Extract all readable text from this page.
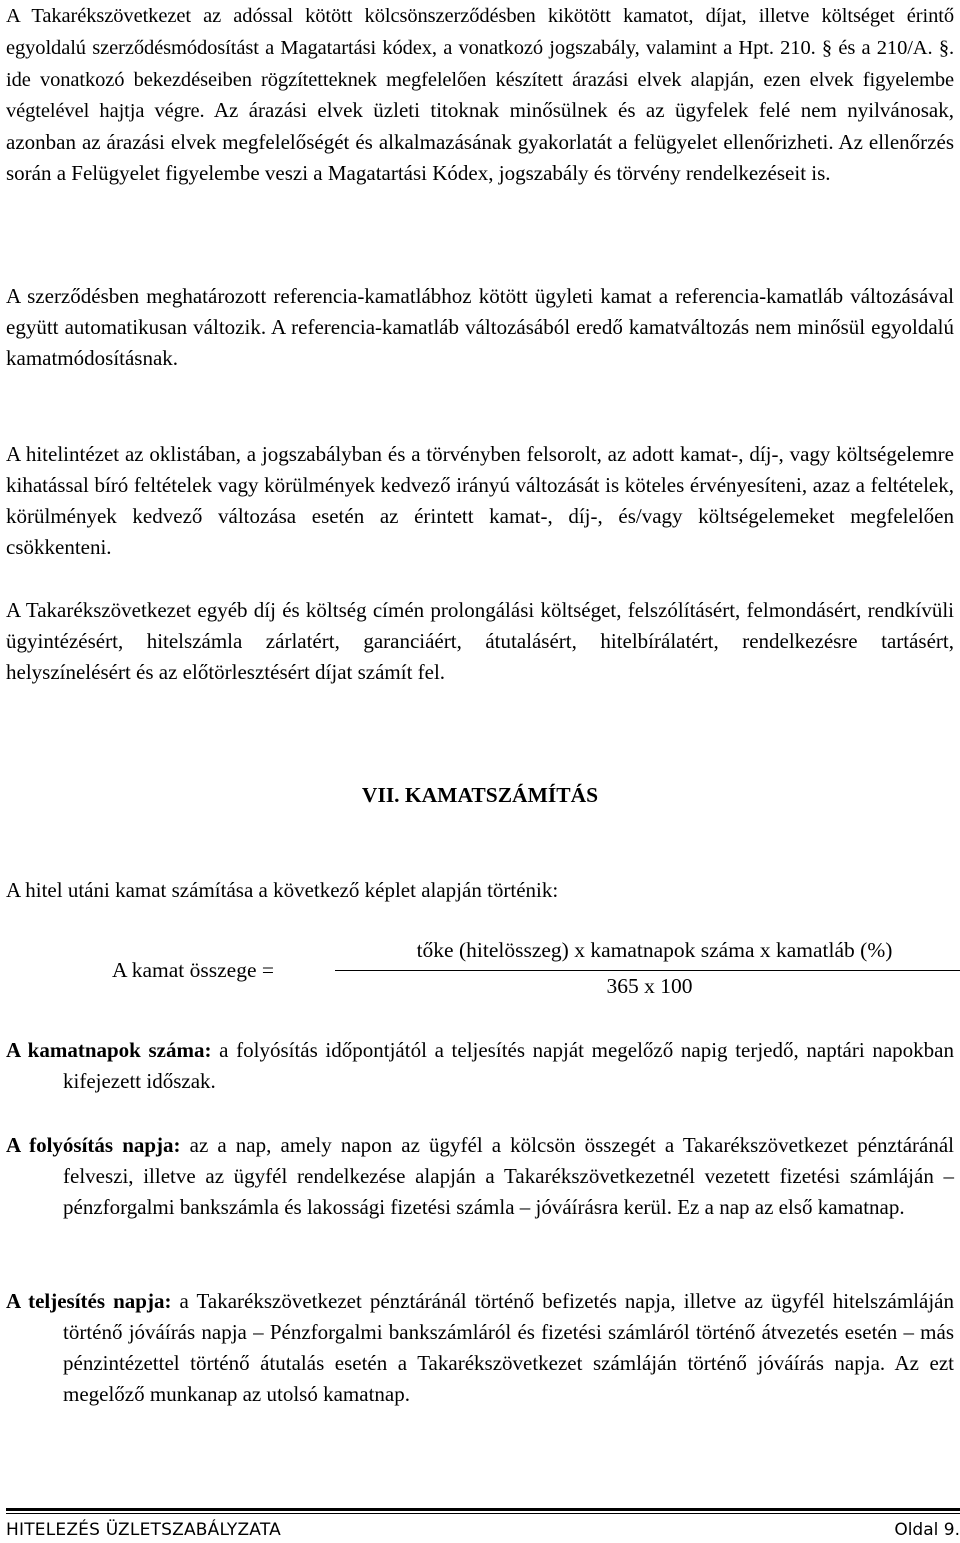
A Takarékszövetkezet az adóssal kötött kölcsönszerződésben kikötött kamatot, díjat, illetve költséget érintő egyoldalú szerződésmódosítást a Magatartási kódex, a vonatkozó jogszabály, valamint a Hpt. 210. § és a 210/A. §. ide vonatkozó bekezdéseiben rögzítetteknek megfelelően készített árazási elvek alapján, ezen elvek figyelembe végtelével hajtja végre. Az árazási elvek üzleti titoknak minősülnek és az ügyfelek felé nem nyilvánosak, azonban az árazási elvek megfelelőségét és alkalmazásának gyakorlatát a felügyelet ellenőrizheti. Az ellenőrzés során a Felügyelet figyelembe veszi a Magatartási Kódex, jogszabály és törvény rendelkezéseit is.

A szerződésben meghatározott referencia-kamatlábhoz kötött ügyleti kamat a referencia-kamatláb változásával együtt automatikusan változik. A referencia-kamatláb változásából eredő kamatváltozás nem minősül egyoldalú kamatmódosításnak.

A hitelintézet az oklistában, a jogszabályban és a törvényben felsorolt, az adott kamat-, díj-, vagy költségelemre kihatással bíró feltételek vagy körülmények kedvező irányú változását is köteles érvényesíteni, azaz a feltételek, körülmények kedvező változása esetén az érintett kamat-, díj-, és/vagy költségelemeket megfelelően csökkenteni.

A Takarékszövetkezet egyéb díj és költség címén prolongálási költséget, felszólításért, felmondásért, rendkívüli ügyintézésért, hitelszámla zárlatért, garanciáért, átutalásért, hitelbírálatért, rendelkezésre tartásért, helyszínelésért és az előtörlesztésért díjat számít fel.

VII. KAMATSZÁMÍTÁS

A hitel utáni kamat számítása a következő képlet alapján történik:

A kamat összege =
tőke (hitelösszeg) x kamatnapok száma x kamatláb (%)
365 x 100

A kamatnapok száma: a folyósítás időpontjától a teljesítés napját megelőző napig terjedő, naptári napokban kifejezett időszak.

A folyósítás napja: az a nap, amely napon az ügyfél a kölcsön összegét a Takarékszövetkezet pénztáránál felveszi, illetve az ügyfél rendelkezése alapján a Takarékszövetkezetnél vezetett fizetési számláján – pénzforgalmi bankszámla és lakossági fizetési számla – jóváírásra kerül. Ez a nap az első kamatnap.

A teljesítés napja: a Takarékszövetkezet pénztáránál történő befizetés napja, illetve az ügyfél hitelszámláján történő jóváírás napja – Pénzforgalmi bankszámláról és fizetési számláról történő átvezetés esetén – más pénzintézettel történő átutalás esetén a Takarékszövetkezet számláján történő jóváírás napja. Az ezt megelőző munkanap az utolsó kamatnap.

HITELEZÉS ÜZLETSZABÁLYZATA	Oldal 9.
